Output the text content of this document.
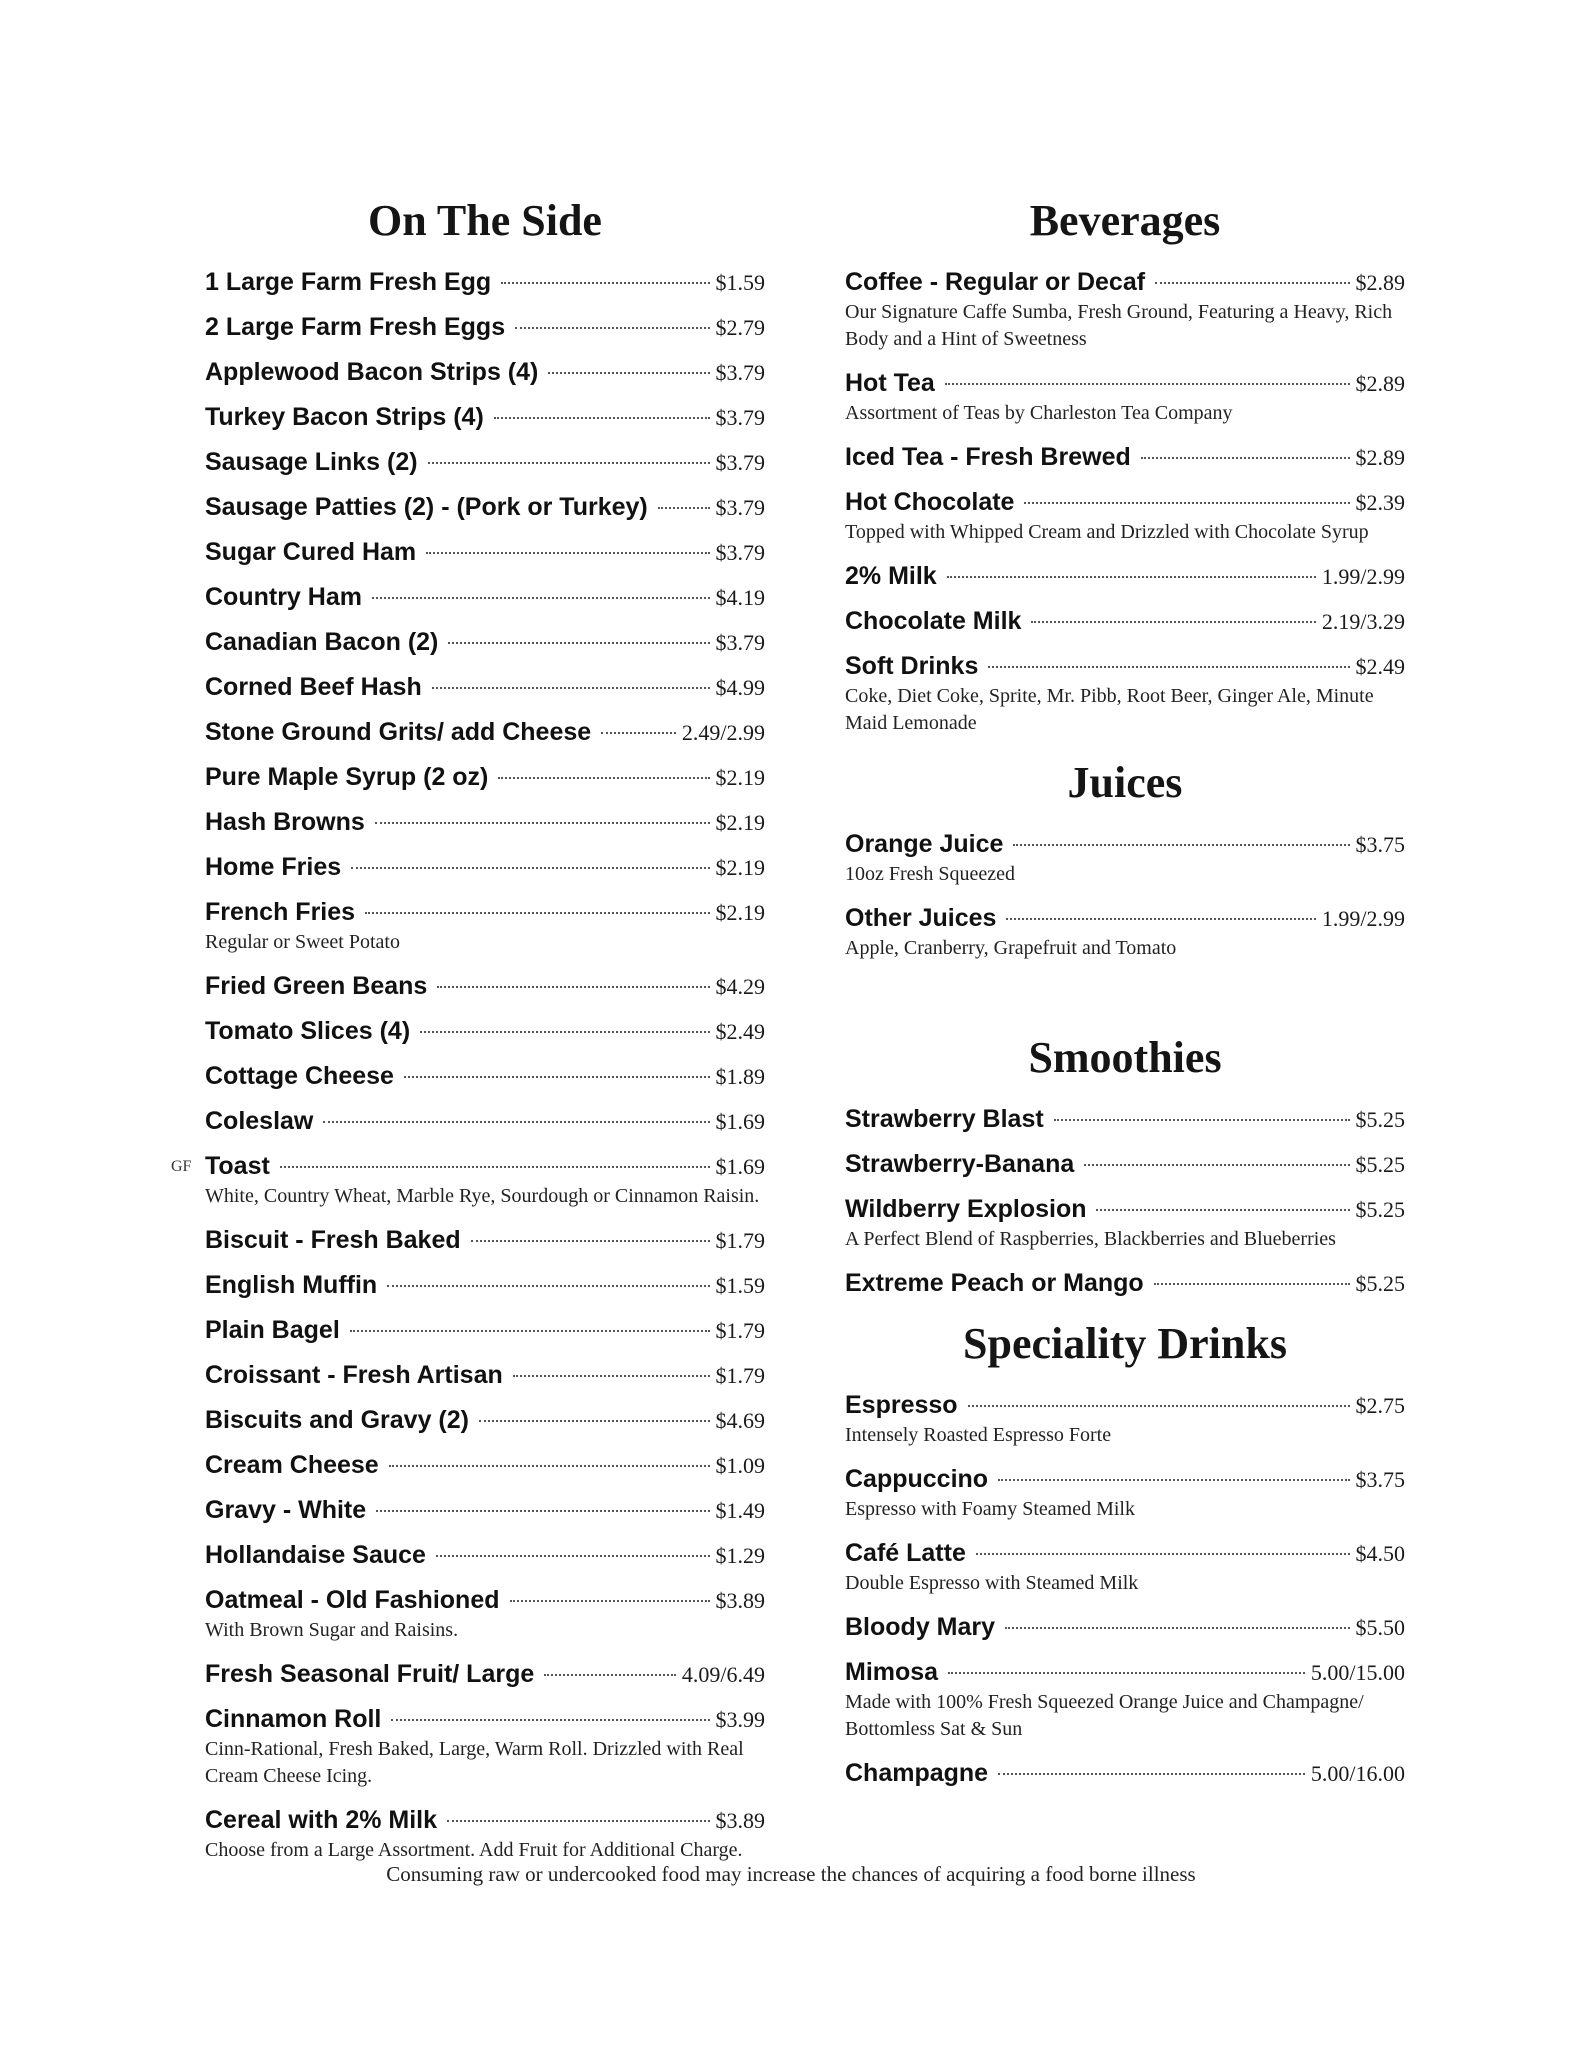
On The Side
1 Large Farm Fresh Egg	$1.59
2 Large Farm Fresh Eggs	$2.79
Applewood Bacon Strips (4)	$3.79
Turkey Bacon Strips (4)	$3.79
Sausage Links (2)	$3.79
Sausage Patties (2) - (Pork or Turkey)	$3.79
Sugar Cured Ham	$3.79
Country Ham	$4.19
Canadian Bacon (2)	$3.79
Corned Beef Hash	$4.99
Stone Ground Grits/ add Cheese	2.49/2.99
Pure Maple Syrup (2 oz)	$2.19
Hash Browns	$2.19
Home Fries	$2.19
French Fries	$2.19
Regular or Sweet Potato
Fried Green Beans	$4.29
Tomato Slices (4)	$2.49
Cottage Cheese	$1.89
Coleslaw	$1.69
GF Toast	$1.69
White, Country Wheat, Marble Rye, Sourdough or Cinnamon Raisin.
Biscuit - Fresh Baked	$1.79
English Muffin	$1.59
Plain Bagel	$1.79
Croissant - Fresh Artisan	$1.79
Biscuits and Gravy (2)	$4.69
Cream Cheese	$1.09
Gravy - White	$1.49
Hollandaise Sauce	$1.29
Oatmeal - Old Fashioned	$3.89
With Brown Sugar and Raisins.
Fresh Seasonal Fruit/ Large	4.09/6.49
Cinnamon Roll	$3.99
Cinn-Rational, Fresh Baked, Large, Warm Roll. Drizzled with Real Cream Cheese Icing.
Cereal with 2% Milk	$3.89
Choose from a Large Assortment. Add Fruit for Additional Charge.
Beverages
Coffee - Regular or Decaf	$2.89
Our Signature Caffe Sumba, Fresh Ground, Featuring a Heavy, Rich Body and a Hint of Sweetness
Hot Tea	$2.89
Assortment of Teas by Charleston Tea Company
Iced Tea - Fresh Brewed	$2.89
Hot Chocolate	$2.39
Topped with Whipped Cream and Drizzled with Chocolate Syrup
2% Milk	1.99/2.99
Chocolate Milk	2.19/3.29
Soft Drinks	$2.49
Coke, Diet Coke, Sprite, Mr. Pibb, Root Beer, Ginger Ale, Minute Maid Lemonade
Juices
Orange Juice	$3.75
10oz Fresh Squeezed
Other Juices	1.99/2.99
Apple, Cranberry, Grapefruit and Tomato
Smoothies
Strawberry Blast	$5.25
Strawberry-Banana	$5.25
Wildberry Explosion	$5.25
A Perfect Blend of Raspberries, Blackberries and Blueberries
Extreme Peach or Mango	$5.25
Speciality Drinks
Espresso	$2.75
Intensely Roasted Espresso Forte
Cappuccino	$3.75
Espresso with Foamy Steamed Milk
Café Latte	$4.50
Double Espresso with Steamed Milk
Bloody Mary	$5.50
Mimosa	5.00/15.00
Made with 100% Fresh Squeezed Orange Juice and Champagne/ Bottomless Sat & Sun
Champagne	5.00/16.00
Consuming raw or undercooked food may increase the chances of acquiring a food borne illness
